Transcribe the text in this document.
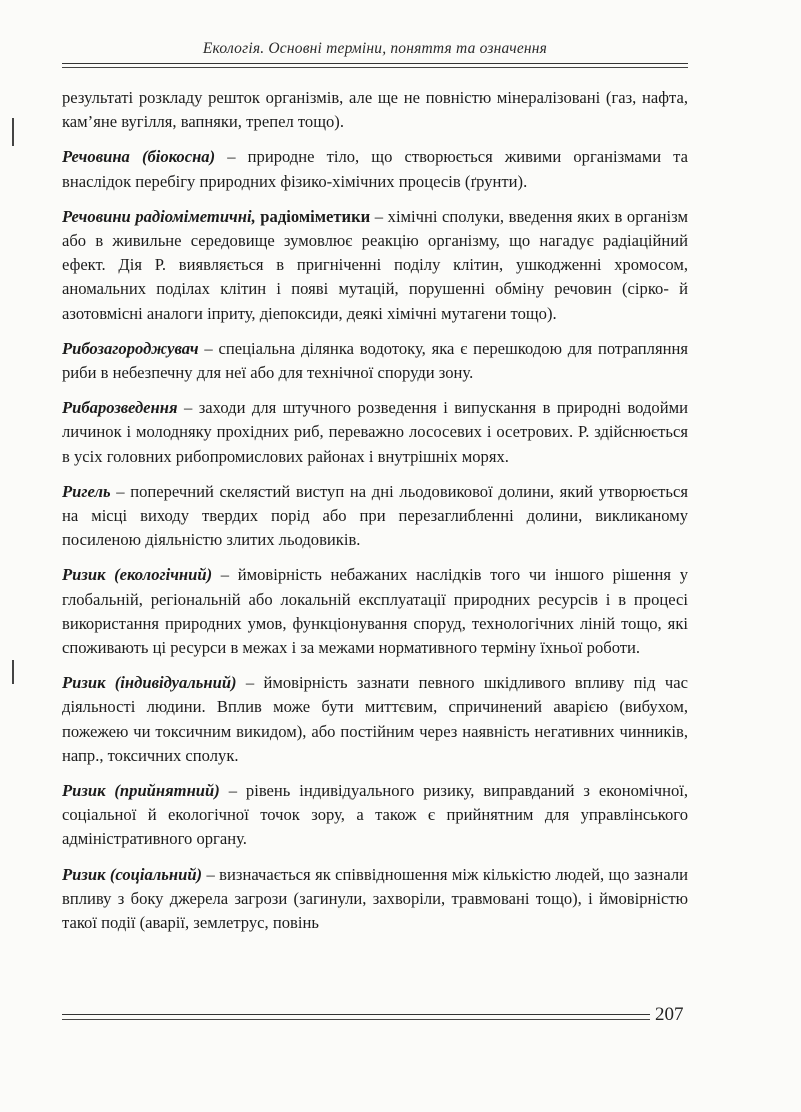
Екологія. Основні терміни, поняття та означення

результаті розкладу решток організмів, але ще не повністю мінералізовані (газ, нафта, кам’яне вугілля, вапняки, трепел тощо).

Речовина (біокосна) – природне тіло, що створюється живими організмами та внаслідок перебігу природних фізико-хімічних процесів (ґрунти).

Речовини радіоміметичні, радіоміметики – хімічні сполуки, введення яких в організм або в живильне середовище зумовлює реакцію організму, що нагадує радіаційний ефект. Дія Р. виявляється в пригніченні поділу клітин, ушкодженні хромосом, аномальних поділах клітин і появі мутацій, порушенні обміну речовин (сірко- й азотовмісні аналоги іприту, діепоксиди, деякі хімічні мутагени тощо).

Рибозагороджувач – спеціальна ділянка водотоку, яка є перешкодою для потрапляння риби в небезпечну для неї або для технічної споруди зону.

Рибарозведення – заходи для штучного розведення і випускання в природні водойми личинок і молодняку прохідних риб, переважно лососевих і осетрових. Р. здійснюється в усіх головних рибопромислових районах і внутрішніх морях.

Ригель – поперечний скелястий виступ на дні льодовикової долини, який утворюється на місці виходу твердих порід або при перезаглибленні долини, викликаному посиленою діяльністю злитих льодовиків.

Ризик (екологічний) – ймовірність небажаних наслідків того чи іншого рішення у глобальній, регіональній або локальній експлуатації природних ресурсів і в процесі використання природних умов, функціонування споруд, технологічних ліній тощо, які споживають ці ресурси в межах і за межами нормативного терміну їхньої роботи.

Ризик (індивідуальний) – ймовірність зазнати певного шкідливого впливу під час діяльності людини. Вплив може бути миттєвим, спричинений аварією (вибухом, пожежею чи токсичним викидом), або постійним через наявність негативних чинників, напр., токсичних сполук.

Ризик (прийнятний) – рівень індивідуального ризику, виправданий з економічної, соціальної й екологічної точок зору, а також є прийнятним для управлінського адміністративного органу.

Ризик (соціальний) – визначається як співвідношення між кількістю людей, що зазнали впливу з боку джерела загрози (загинули, захворіли, травмовані тощо), і ймовірністю такої події (аварії, землетрус, повінь

207
